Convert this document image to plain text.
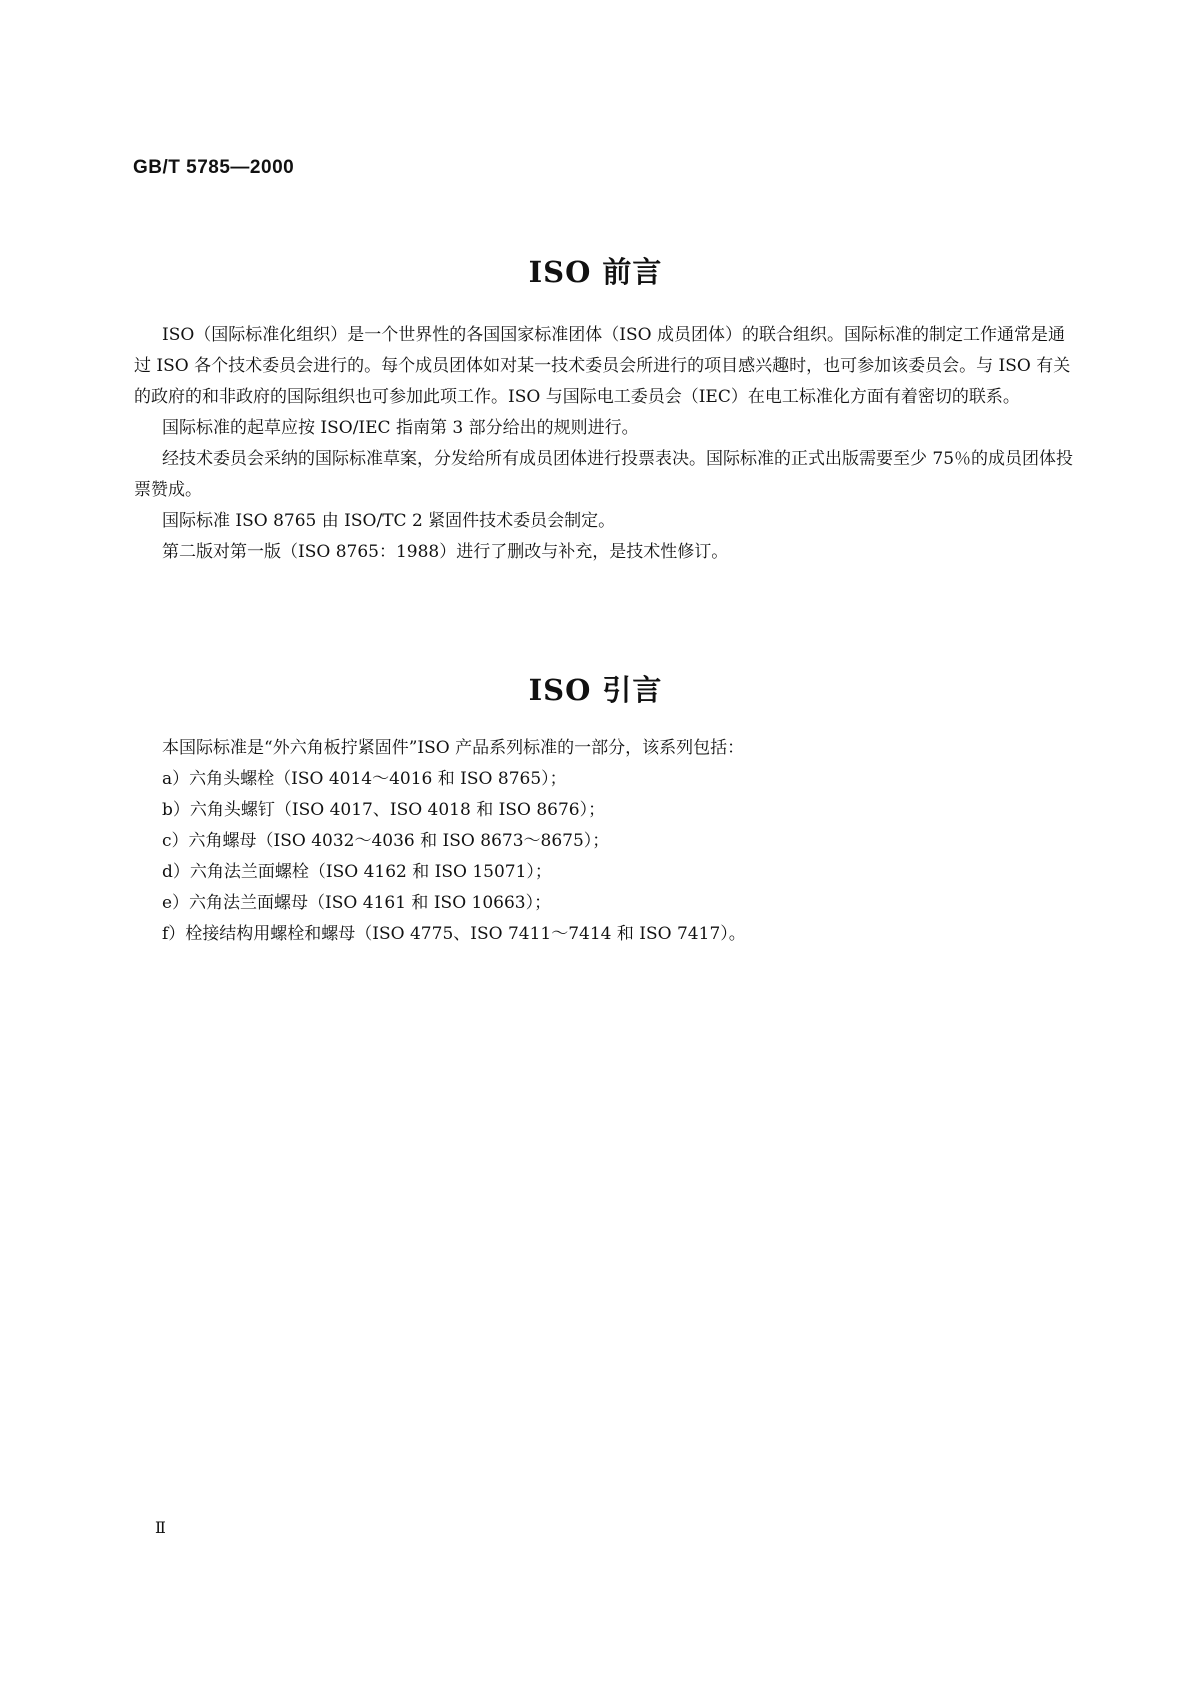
GB/T 5785—2000
ISO 前言

ISO（国际标准化组织）是一个世界性的各国国家标准团体（ISO 成员团体）的联合组织。国际标准的制定工作通常是通过 ISO 各个技术委员会进行的。每个成员团体如对某一技术委员会所进行的项目感兴趣时，也可参加该委员会。与 ISO 有关的政府的和非政府的国际组织也可参加此项工作。ISO 与国际电工委员会（IEC）在电工标准化方面有着密切的联系。

国际标准的起草应按 ISO/IEC 指南第 3 部分给出的规则进行。

经技术委员会采纳的国际标准草案，分发给所有成员团体进行投票表决。国际标准的正式出版需要至少 75％的成员团体投票赞成。

国际标准 ISO 8765 由 ISO/TC 2 紧固件技术委员会制定。

第二版对第一版（ISO 8765：1988）进行了删改与补充，是技术性修订。

ISO 引言

本国际标准是“外六角板拧紧固件”ISO 产品系列标准的一部分，该系列包括：

a）六角头螺栓（ISO 4014～4016 和 ISO 8765）；

b）六角头螺钉（ISO 4017、ISO 4018 和 ISO 8676）；

c）六角螺母（ISO 4032～4036 和 ISO 8673～8675）；

d）六角法兰面螺栓（ISO 4162 和 ISO 15071）；

e）六角法兰面螺母（ISO 4161 和 ISO 10663）；

f）栓接结构用螺栓和螺母（ISO 4775、ISO 7411～7414 和 ISO 7417）。

Ⅱ
